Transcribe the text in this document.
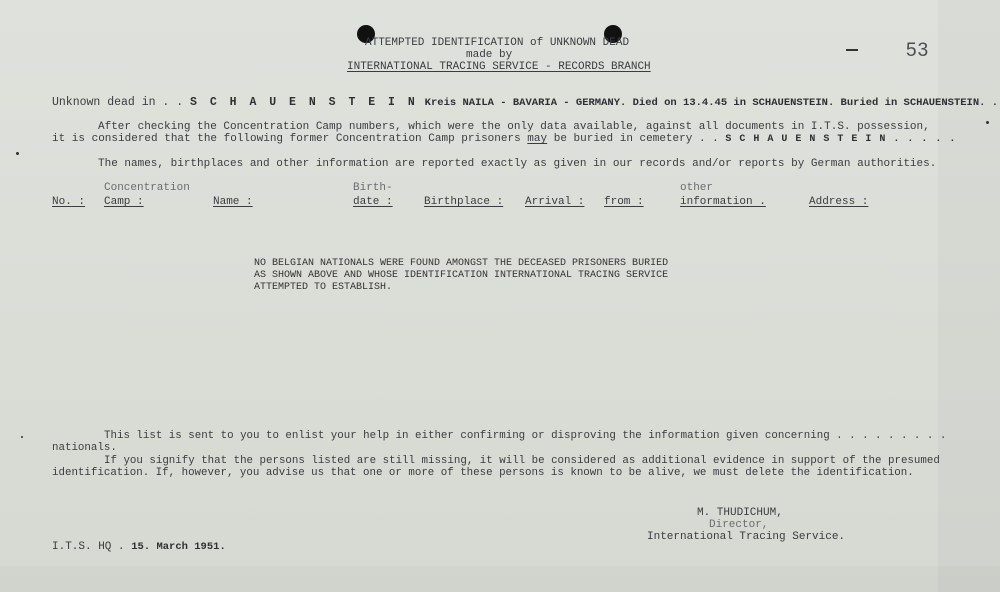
ATTEMPTED IDENTIFICATION of UNKNOWN DEAD
made by
INTERNATIONAL TRACING SERVICE - RECORDS BRANCH
53
Unknown dead in . . S C H A U E N S T E I N Kreis NAILA - BAVARIA - GERMANY. Died on 13.4.45 in SCHAUENSTEIN. Buried in SCHAUENSTEIN. .
After checking the Concentration Camp numbers, which were the only data available, against all documents in I.T.S. possession,
it is considered that the following former Concentration Camp prisoners may be buried in cemetery . . S C H A U E N S T E I N . . . . .
The names, birthplaces and other information are reported exactly as given in our records and/or reports by German authorities.
Concentration	Birth-	other
No. : Camp :	Name :	date :	Birthplace : Arrival : from :	information .	Address :
NO BELGIAN NATIONALS WERE FOUND AMONGST THE DECEASED PRISONERS BURIED
AS SHOWN ABOVE AND WHOSE IDENTIFICATION INTERNATIONAL TRACING SERVICE
ATTEMPTED TO ESTABLISH.
This list is sent to you to enlist your help in either confirming or disproving the information given concerning . . . . . . . . .
nationals.
If you signify that the persons listed are still missing, it will be considered as additional evidence in support of the presumed
identification. If, however, you advise us that one or more of these persons is known to be alive, we must delete the identification.
M. THUDICHUM,
Director,
International Tracing Service.
I.T.S. HQ . 15. March 1951.
